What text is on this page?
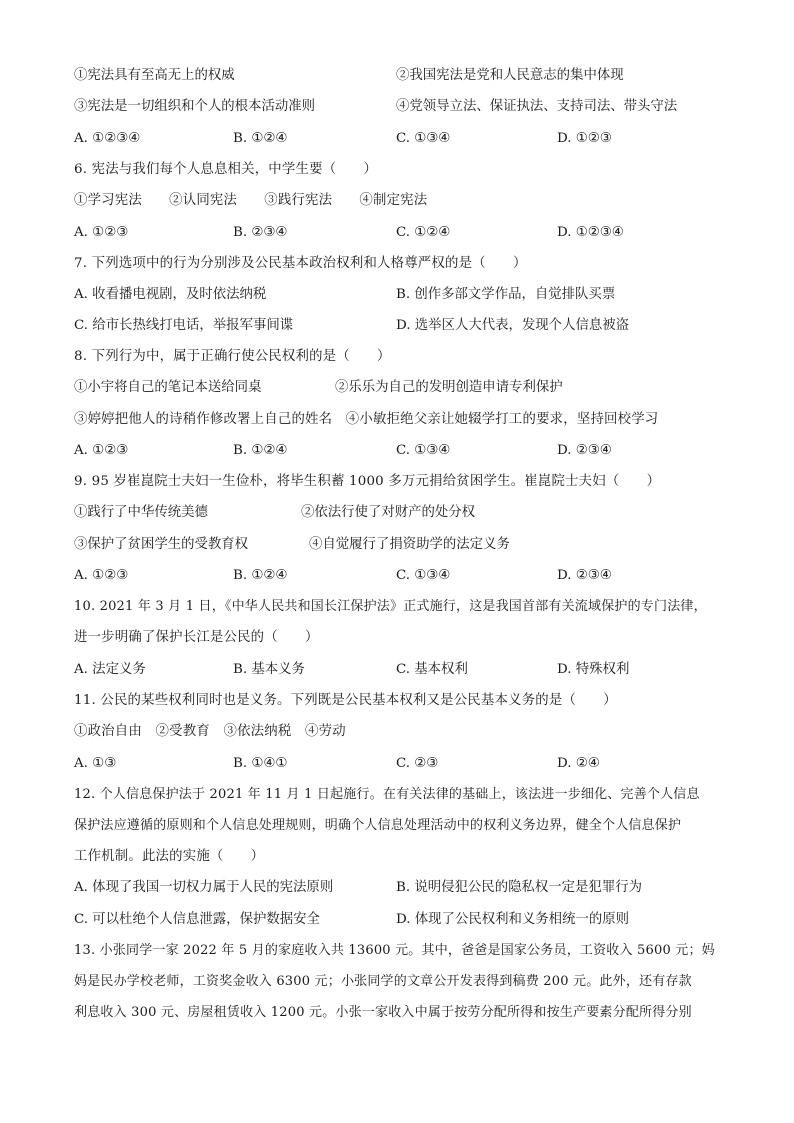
①宪法具有至高无上的权威	②我国宪法是党和人民意志的集中体现
③宪法是一切组织和个人的根本活动准则	④党领导立法、保证执法、支持司法、带头守法
A. ①②③④	B. ①②④	C. ①③④	D. ①②③
6. 宪法与我们每个人息息相关，中学生要（　　）
①学习宪法　　②认同宪法　　③践行宪法　　④制定宪法
A. ①②③	B. ②③④	C. ①②④	D. ①②③④
7. 下列选项中的行为分别涉及公民基本政治权利和人格尊严权的是（　　）
A. 收看播电视剧，及时依法纳税	B. 创作多部文学作品，自觉排队买票
C. 给市长热线打电话，举报军事间谍	D. 选举区人大代表，发现个人信息被盗
8. 下列行为中，属于正确行使公民权利的是（　　）
①小宇将自己的笔记本送给同桌	②乐乐为自己的发明创造申请专利保护
③婷婷把他人的诗稍作修改署上自己的姓名　④小敏拒绝父亲让她辍学打工的要求，坚持回校学习
A. ①②③	B. ①②④	C. ①③④	D. ②③④
9. 95 岁崔崑院士夫妇一生俭朴，将毕生积蓄 1000 多万元捐给贫困学生。崔崑院士夫妇（　　）
①践行了中华传统美德	②依法行使了对财产的处分权
③保护了贫困学生的受教育权	④自觉履行了捐资助学的法定义务
A. ①②③	B. ①②④	C. ①③④	D. ②③④
10. 2021 年 3 月 1 日，《中华人民共和国长江保护法》正式施行，这是我国首部有关流域保护的专门法律，
进一步明确了保护长江是公民的（　　）
A. 法定义务	B. 基本义务	C. 基本权利	D. 特殊权利
11. 公民的某些权利同时也是义务。下列既是公民基本权利又是公民基本义务的是（　　）
①政治自由　②受教育　③依法纳税　④劳动
A. ①③	B. ①④①	C. ②③	D. ②④
12. 个人信息保护法于 2021 年 11 月 1 日起施行。在有关法律的基础上，该法进一步细化、完善个人信息
保护法应遵循的原则和个人信息处理规则，明确个人信息处理活动中的权利义务边界，健全个人信息保护
工作机制。此法的实施（　　）
A. 体现了我国一切权力属于人民的宪法原则	B. 说明侵犯公民的隐私权一定是犯罪行为
C. 可以杜绝个人信息泄露，保护数据安全	D. 体现了公民权利和义务相统一的原则
13. 小张同学一家 2022 年 5 月的家庭收入共 13600 元。其中，爸爸是国家公务员，工资收入 5600 元；妈
妈是民办学校老师，工资奖金收入 6300 元；小张同学的文章公开发表得到稿费 200 元。此外，还有存款
利息收入 300 元、房屋租赁收入 1200 元。小张一家收入中属于按劳分配所得和按生产要素分配所得分别
